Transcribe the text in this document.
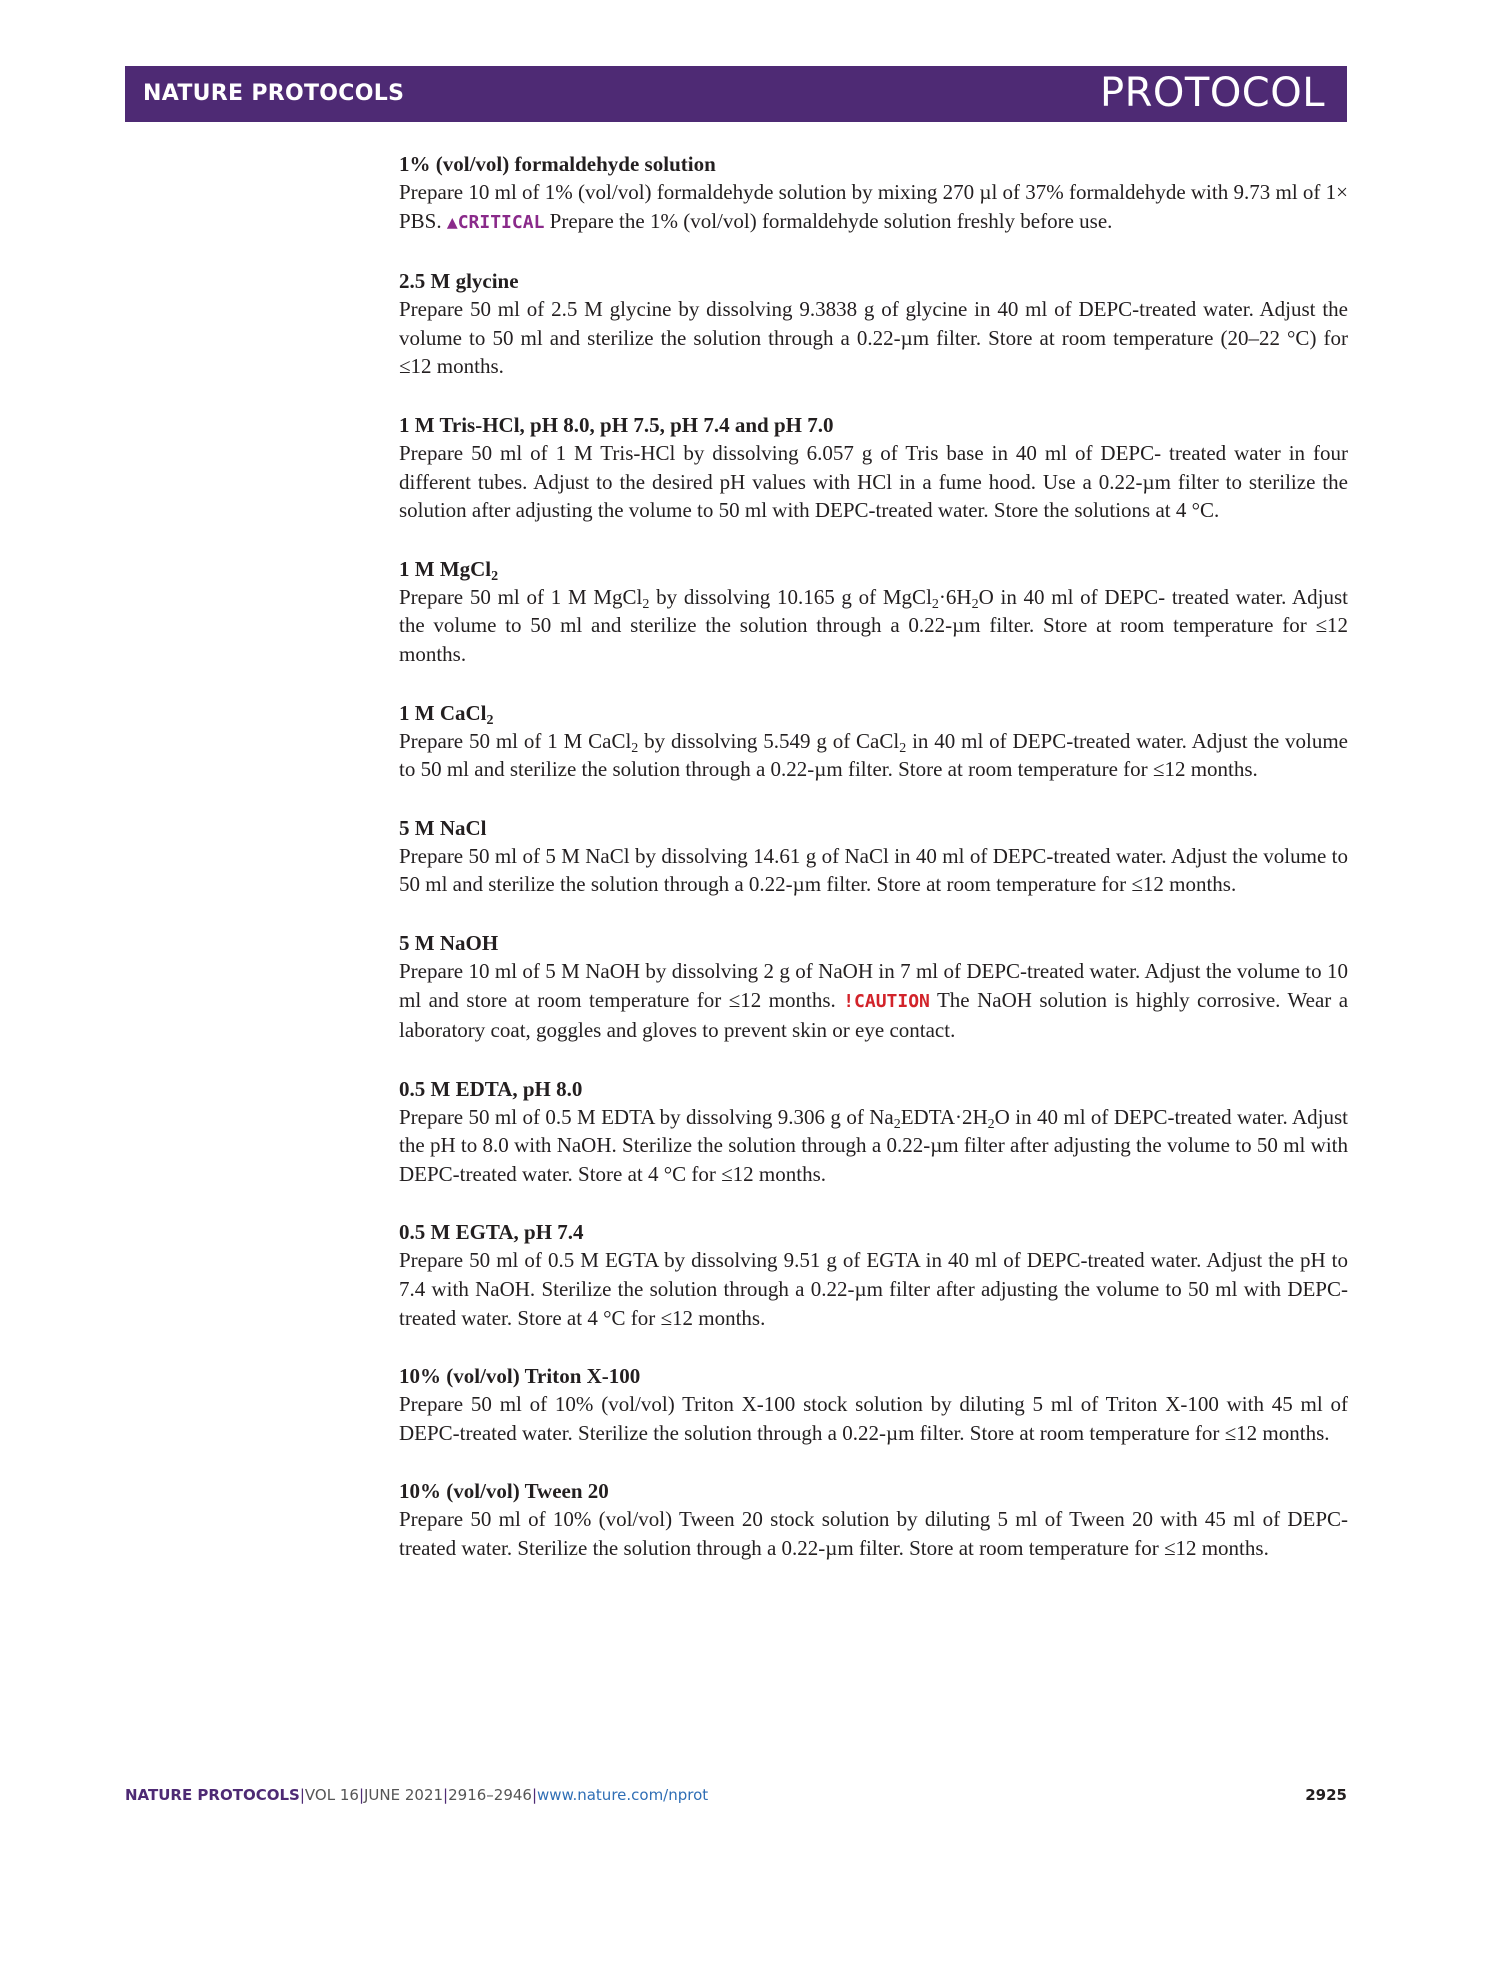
NATURE PROTOCOLS	PROTOCOL

1% (vol/vol) formaldehyde solution

Prepare 10 ml of 1% (vol/vol) formaldehyde solution by mixing 270 µl of 37% formaldehyde with 9.73 ml of 1× PBS. ▲CRITICAL Prepare the 1% (vol/vol) formaldehyde solution freshly before use.

2.5 M glycine

Prepare 50 ml of 2.5 M glycine by dissolving 9.3838 g of glycine in 40 ml of DEPC-treated water. Adjust the volume to 50 ml and sterilize the solution through a 0.22-µm filter. Store at room temperature (20–22 °C) for ≤12 months.

1 M Tris-HCl, pH 8.0, pH 7.5, pH 7.4 and pH 7.0

Prepare 50 ml of 1 M Tris-HCl by dissolving 6.057 g of Tris base in 40 ml of DEPC- treated water in four different tubes. Adjust to the desired pH values with HCl in a fume hood. Use a 0.22-µm filter to sterilize the solution after adjusting the volume to 50 ml with DEPC-treated water. Store the solutions at 4 °C.

1 M MgCl$_2$

Prepare 50 ml of 1 M MgCl$_2$ by dissolving 10.165 g of $MgCl_2\cdot 6H_2O$ in 40 ml of DEPC- treated water. Adjust the volume to 50 ml and sterilize the solution through a 0.22-µm filter. Store at room temperature for ≤12 months.

1 M CaCl$_2$

Prepare 50 ml of 1 M CaCl$_2$ by dissolving 5.549 g of CaCl$_2$ in 40 ml of DEPC-treated water. Adjust the volume to 50 ml and sterilize the solution through a 0.22-µm filter. Store at room temperature for ≤12 months.

5 M NaCl

Prepare 50 ml of 5 M NaCl by dissolving 14.61 g of NaCl in 40 ml of DEPC-treated water. Adjust the volume to 50 ml and sterilize the solution through a 0.22-µm filter. Store at room temperature for ≤12 months.

5 M NaOH

Prepare 10 ml of 5 M NaOH by dissolving 2 g of NaOH in 7 ml of DEPC-treated water. Adjust the volume to 10 ml and store at room temperature for ≤12 months. !CAUTION The NaOH solution is highly corrosive. Wear a laboratory coat, goggles and gloves to prevent skin or eye contact.

0.5 M EDTA, pH 8.0

Prepare 50 ml of 0.5 M EDTA by dissolving 9.306 g of $Na_2EDTA\cdot 2H_2O$ in 40 ml of DEPC-treated water. Adjust the pH to 8.0 with NaOH. Sterilize the solution through a 0.22-µm filter after adjusting the volume to 50 ml with DEPC-treated water. Store at 4 °C for ≤12 months.

0.5 M EGTA, pH 7.4

Prepare 50 ml of 0.5 M EGTA by dissolving 9.51 g of EGTA in 40 ml of DEPC-treated water. Adjust the pH to 7.4 with NaOH. Sterilize the solution through a 0.22-µm filter after adjusting the volume to 50 ml with DEPC-treated water. Store at 4 °C for ≤12 months.

10% (vol/vol) Triton X-100

Prepare 50 ml of 10% (vol/vol) Triton X-100 stock solution by diluting 5 ml of Triton X-100 with 45 ml of DEPC-treated water. Sterilize the solution through a 0.22-µm filter. Store at room temperature for ≤12 months.

10% (vol/vol) Tween 20

Prepare 50 ml of 10% (vol/vol) Tween 20 stock solution by diluting 5 ml of Tween 20 with 45 ml of DEPC-treated water. Sterilize the solution through a 0.22-µm filter. Store at room temperature for ≤12 months.

NATURE PROTOCOLS|VOL 16|JUNE 2021|2916–2946|www.nature.com/nprot	2925
